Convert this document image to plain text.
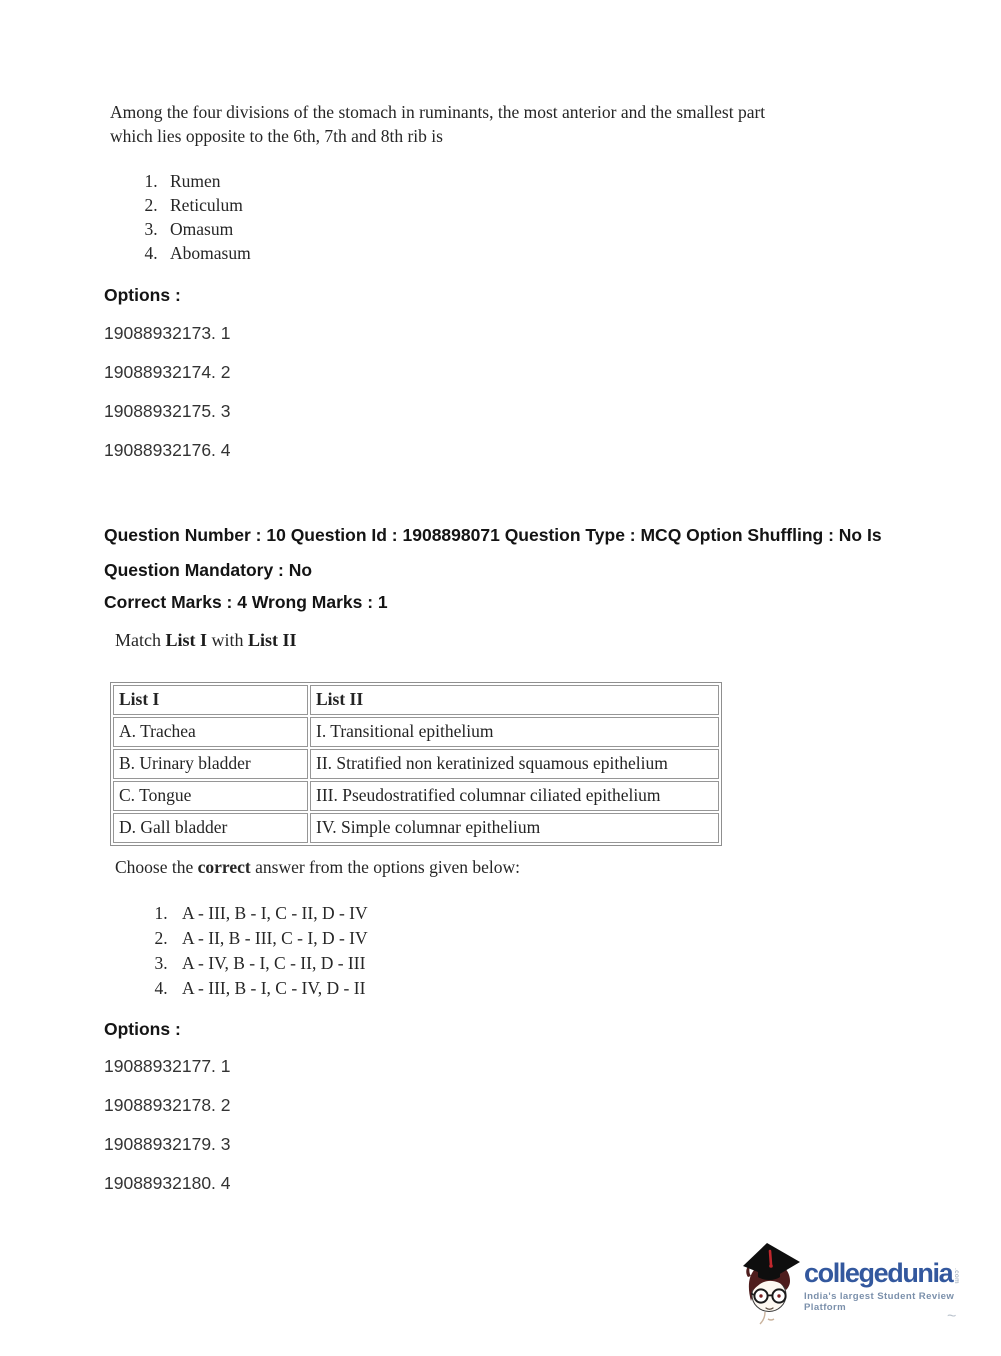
Among the four divisions of the stomach in ruminants, the most anterior and the smallest part
which lies opposite to the 6th, 7th and 8th rib is
1. Rumen
2. Reticulum
3. Omasum
4. Abomasum
Options :

19088932173. 1

19088932174. 2

19088932175. 3

19088932176. 4

Question Number : 10 Question Id : 1908898071 Question Type : MCQ Option Shuffling : No Is
Question Mandatory : No
Correct Marks : 4 Wrong Marks : 1
Match List I with List II
List I	List II
A. Trachea	I. Transitional epithelium
B. Urinary bladder	II. Stratified non keratinized squamous epithelium
C. Tongue	III. Pseudostratified columnar ciliated epithelium
D. Gall bladder	IV. Simple columnar epithelium
Choose the correct answer from the options given below:
1. A - III, B - I, C - II, D - IV
2. A - II, B - III, C - I, D - IV
3. A - IV, B - I, C - II, D - III
4. A - III, B - I, C - IV, D - II
Options :

19088932177. 1

19088932178. 2

19088932179. 3

19088932180. 4

collegedunia .com
India's largest Student Review Platform
~
